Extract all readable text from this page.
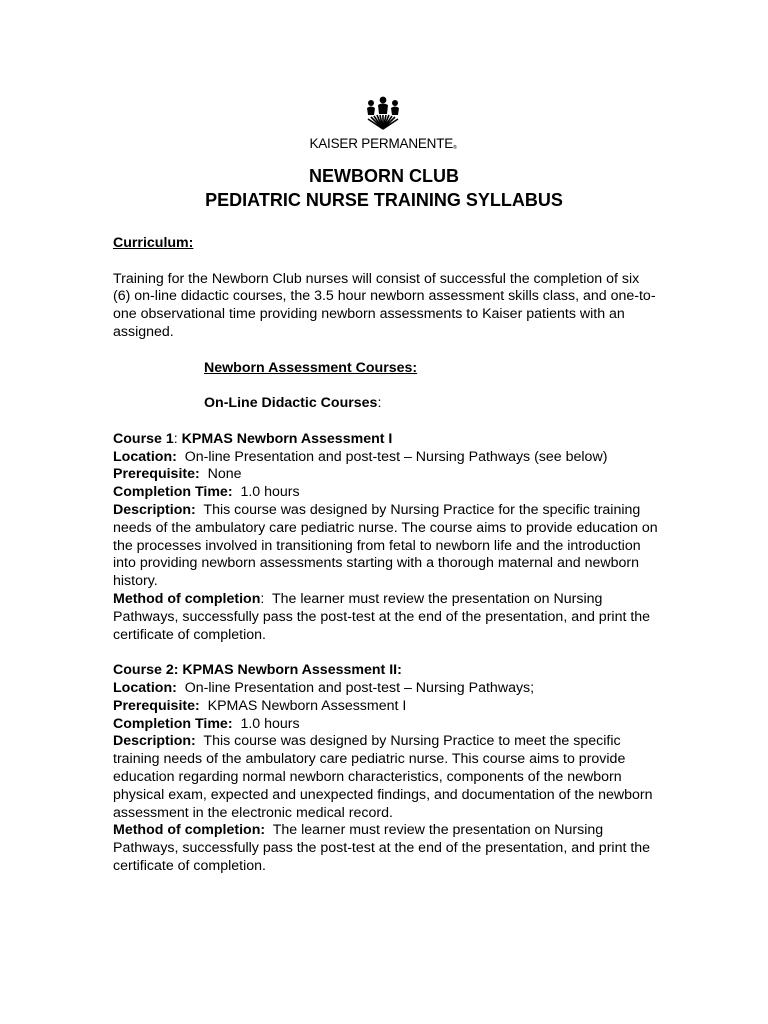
KAISER PERMANENTE®
NEWBORN CLUB
PEDIATRIC NURSE TRAINING SYLLABUS

Curriculum:

Training for the Newborn Club nurses will consist of successful the completion of six (6) on-line didactic courses, the 3.5 hour newborn assessment skills class, and one-to-one observational time providing newborn assessments to Kaiser patients with an assigned.

Newborn Assessment Courses:

On-Line Didactic Courses:

Course 1: KPMAS Newborn Assessment I

Location: On-line Presentation and post-test – Nursing Pathways (see below)

Prerequisite: None

Completion Time: 1.0 hours

Description: This course was designed by Nursing Practice for the specific training needs of the ambulatory care pediatric nurse. The course aims to provide education on the processes involved in transitioning from fetal to newborn life and the introduction into providing newborn assessments starting with a thorough maternal and newborn history.

Method of completion: The learner must review the presentation on Nursing Pathways, successfully pass the post-test at the end of the presentation, and print the certificate of completion.

Course 2: KPMAS Newborn Assessment II:

Location: On-line Presentation and post-test – Nursing Pathways;

Prerequisite: KPMAS Newborn Assessment I

Completion Time: 1.0 hours

Description: This course was designed by Nursing Practice to meet the specific training needs of the ambulatory care pediatric nurse. This course aims to provide education regarding normal newborn characteristics, components of the newborn physical exam, expected and unexpected findings, and documentation of the newborn assessment in the electronic medical record.

Method of completion: The learner must review the presentation on Nursing Pathways, successfully pass the post-test at the end of the presentation, and print the certificate of completion.
